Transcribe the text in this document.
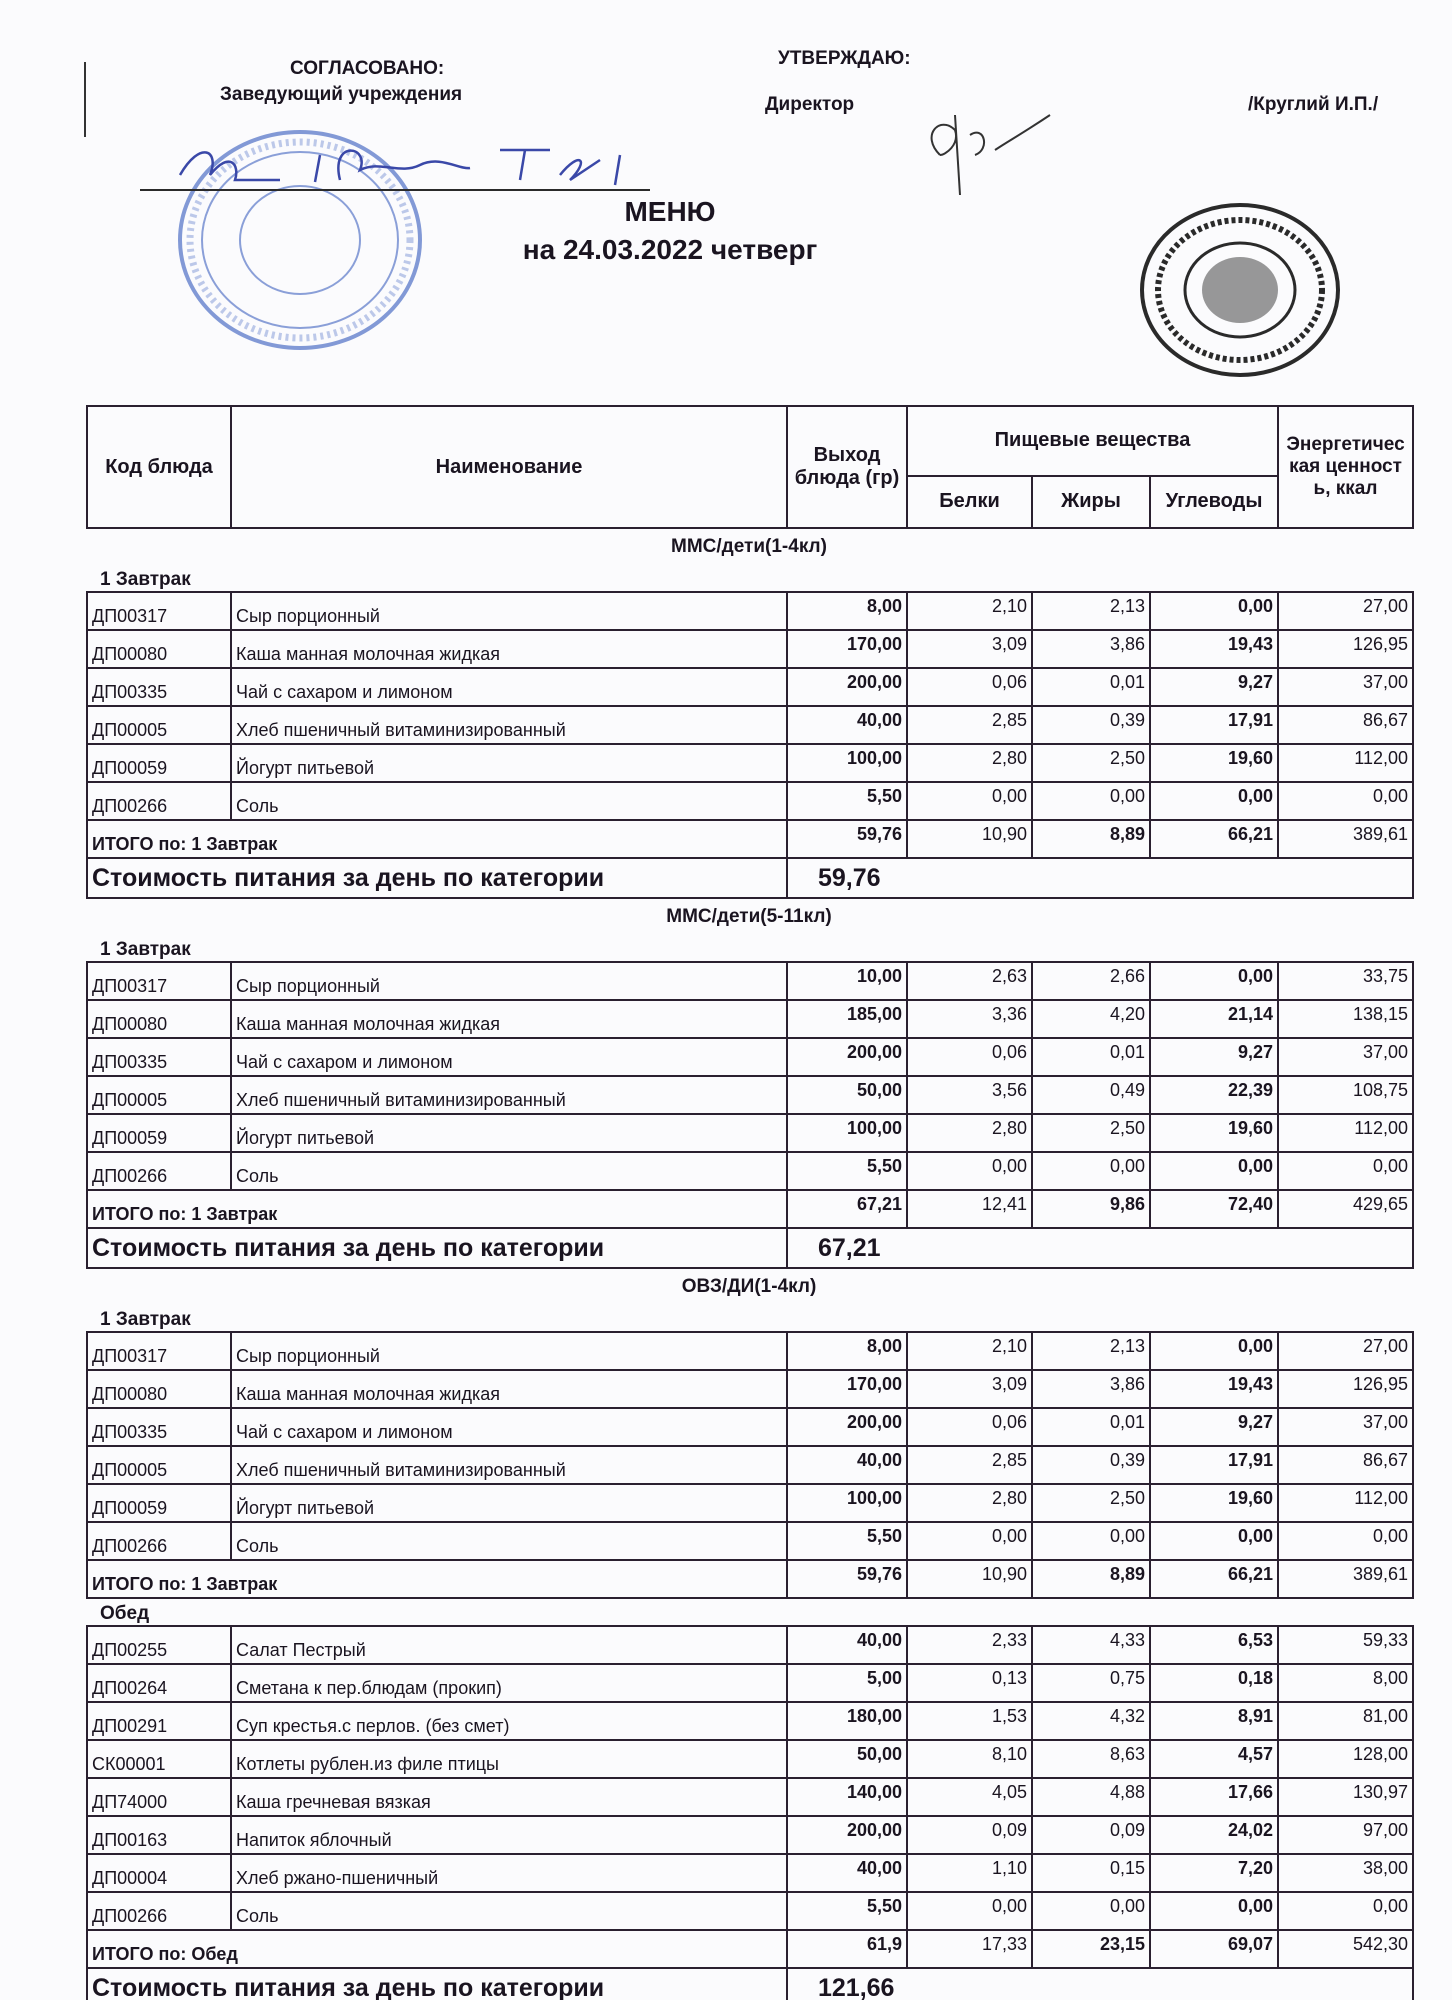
СОГЛАСОВАНО:
Заведующий учреждения
УТВЕРЖДАЮ:
Директор	/Круглий И.П./
МЕНЮ
на 24.03.2022 четверг
Код блюда	Наименование	Выход блюда (гр)	Пищевые вещества			Энергетическая ценность, ккал
			Белки	Жиры	Углеводы	
ММС/дети(1-4кл)
1 Завтрак
ДП00317	Сыр порционный	8,00	2,10	2,13	0,00	27,00
ДП00080	Каша манная молочная жидкая	170,00	3,09	3,86	19,43	126,95
ДП00335	Чай с сахаром и лимоном	200,00	0,06	0,01	9,27	37,00
ДП00005	Хлеб пшеничный витаминизированный	40,00	2,85	0,39	17,91	86,67
ДП00059	Йогурт питьевой	100,00	2,80	2,50	19,60	112,00
ДП00266	Соль	5,50	0,00	0,00	0,00	0,00
ИТОГО по: 1 Завтрак		59,76	10,90	8,89	66,21	389,61
Стоимость питания за день по категории		59,76				
ММС/дети(5-11кл)
1 Завтрак
ДП00317	Сыр порционный	10,00	2,63	2,66	0,00	33,75
ДП00080	Каша манная молочная жидкая	185,00	3,36	4,20	21,14	138,15
ДП00335	Чай с сахаром и лимоном	200,00	0,06	0,01	9,27	37,00
ДП00005	Хлеб пшеничный витаминизированный	50,00	3,56	0,49	22,39	108,75
ДП00059	Йогурт питьевой	100,00	2,80	2,50	19,60	112,00
ДП00266	Соль	5,50	0,00	0,00	0,00	0,00
ИТОГО по: 1 Завтрак		67,21	12,41	9,86	72,40	429,65
Стоимость питания за день по категории		67,21				
ОВЗ/ДИ(1-4кл)
1 Завтрак
ДП00317	Сыр порционный	8,00	2,10	2,13	0,00	27,00
ДП00080	Каша манная молочная жидкая	170,00	3,09	3,86	19,43	126,95
ДП00335	Чай с сахаром и лимоном	200,00	0,06	0,01	9,27	37,00
ДП00005	Хлеб пшеничный витаминизированный	40,00	2,85	0,39	17,91	86,67
ДП00059	Йогурт питьевой	100,00	2,80	2,50	19,60	112,00
ДП00266	Соль	5,50	0,00	0,00	0,00	0,00
ИТОГО по: 1 Завтрак		59,76	10,90	8,89	66,21	389,61
Обед
ДП00255	Салат Пестрый	40,00	2,33	4,33	6,53	59,33
ДП00264	Сметана к пер.блюдам (прокип)	5,00	0,13	0,75	0,18	8,00
ДП00291	Суп крестья.с перлов. (без смет)	180,00	1,53	4,32	8,91	81,00
СК00001	Котлеты рублен.из филе птицы	50,00	8,10	8,63	4,57	128,00
ДП74000	Каша гречневая вязкая	140,00	4,05	4,88	17,66	130,97
ДП00163	Напиток яблочный	200,00	0,09	0,09	24,02	97,00
ДП00004	Хлеб ржано-пшеничный	40,00	1,10	0,15	7,20	38,00
ДП00266	Соль	5,50	0,00	0,00	0,00	0,00
ИТОГО по: Обед		61,9	17,33	23,15	69,07	542,30
Стоимость питания за день по категории		121,66				
